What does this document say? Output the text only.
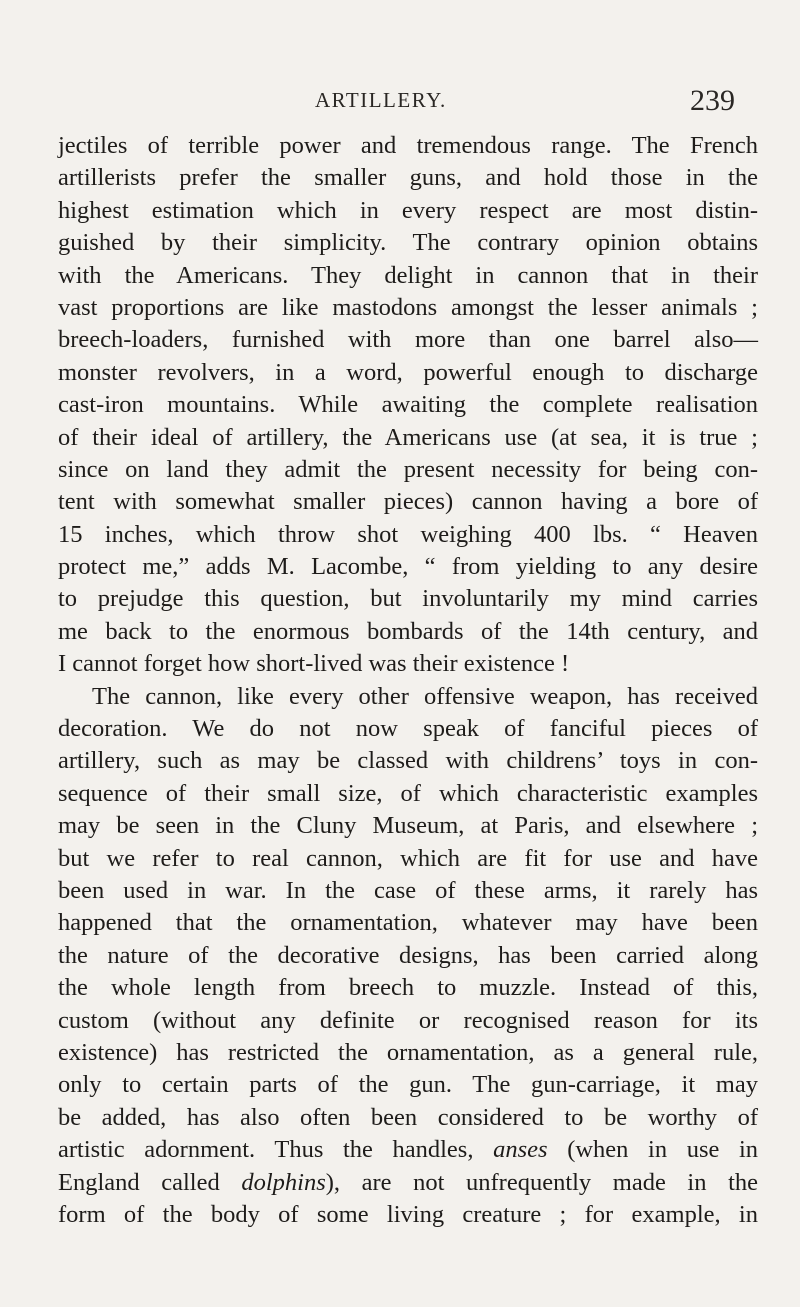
ARTILLERY.	239
jectiles of terrible power and tremendous range. The French
artillerists prefer the smaller guns, and hold those in the
highest estimation which in every respect are most distin-
guished by their simplicity. The contrary opinion obtains
with the Americans. They delight in cannon that in their
vast proportions are like mastodons amongst the lesser animals ;
breech-loaders, furnished with more than one barrel also—
monster revolvers, in a word, powerful enough to discharge
cast-iron mountains. While awaiting the complete realisation
of their ideal of artillery, the Americans use (at sea, it is true ;
since on land they admit the present necessity for being con-
tent with somewhat smaller pieces) cannon having a bore of
15 inches, which throw shot weighing 400 lbs. “ Heaven
protect me,” adds M. Lacombe, “ from yielding to any desire
to prejudge this question, but involuntarily my mind carries
me back to the enormous bombards of the 14th century, and
I cannot forget how short-lived was their existence !
The cannon, like every other offensive weapon, has received
decoration. We do not now speak of fanciful pieces of
artillery, such as may be classed with childrens’ toys in con-
sequence of their small size, of which characteristic examples
may be seen in the Cluny Museum, at Paris, and elsewhere ;
but we refer to real cannon, which are fit for use and have
been used in war. In the case of these arms, it rarely has
happened that the ornamentation, whatever may have been
the nature of the decorative designs, has been carried along
the whole length from breech to muzzle. Instead of this,
custom (without any definite or recognised reason for its
existence) has restricted the ornamentation, as a general rule,
only to certain parts of the gun. The gun-carriage, it may
be added, has also often been considered to be worthy of
artistic adornment. Thus the handles, anses (when in use in
England called dolphins), are not unfrequently made in the
form of the body of some living creature ; for example, in
